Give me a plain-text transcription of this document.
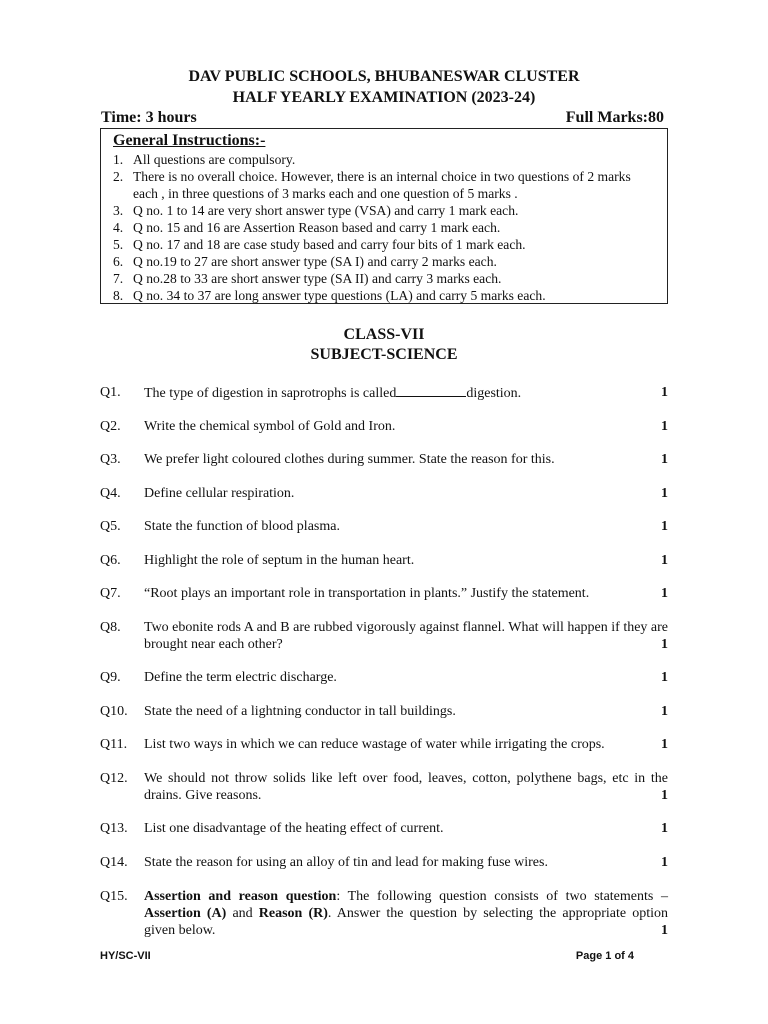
DAV PUBLIC SCHOOLS, BHUBANESWAR CLUSTER
HALF YEARLY EXAMINATION (2023-24)
Time: 3 hours	Full Marks:80
General Instructions:-
1. All questions are compulsory.
2. There is no overall choice. However, there is an internal choice in two questions of 2 marks each , in three questions of 3 marks each and one question of 5 marks .
3. Q no. 1 to 14 are very short answer type (VSA) and carry 1 mark each.
4. Q no. 15 and 16 are Assertion Reason based and carry 1 mark each.
5. Q no. 17 and 18 are case study based and carry four bits of 1 mark each.
6. Q no.19 to 27 are short answer type (SA I) and carry 2 marks each.
7. Q no.28 to 33 are short answer type (SA II) and carry 3 marks each.
8. Q no. 34 to 37 are long answer type questions (LA) and carry 5 marks each.
CLASS-VII
SUBJECT-SCIENCE
Q1.	The type of digestion in saprotrophs is called	digestion.	1
Q2.	Write the chemical symbol of Gold and Iron.	1
Q3.	We prefer light coloured clothes during summer. State the reason for this.	1
Q4.	Define cellular respiration.	1
Q5.	State the function of blood plasma.	1
Q6.	Highlight the role of septum in the human heart.	1
Q7.	“Root plays an important role in transportation in plants.” Justify the statement.	1
Q8.	Two ebonite rods A and B are rubbed vigorously against flannel. What will happen if they are brought near each other?	1
Q9.	Define the term electric discharge.	1
Q10.	State the need of a lightning conductor in tall buildings.	1
Q11.	List two ways in which we can reduce wastage of water while irrigating the crops.	1
Q12.	We should not throw solids like left over food, leaves, cotton, polythene bags, etc in the drains. Give reasons.	1
Q13.	List one disadvantage of the heating effect of current.	1
Q14.	State the reason for using an alloy of tin and lead for making fuse wires.	1
Q15.	Assertion and reason question: The following question consists of two statements – Assertion (A) and Reason (R). Answer the question by selecting the appropriate option given below.	1
HY/SC-VII	Page 1 of 4
